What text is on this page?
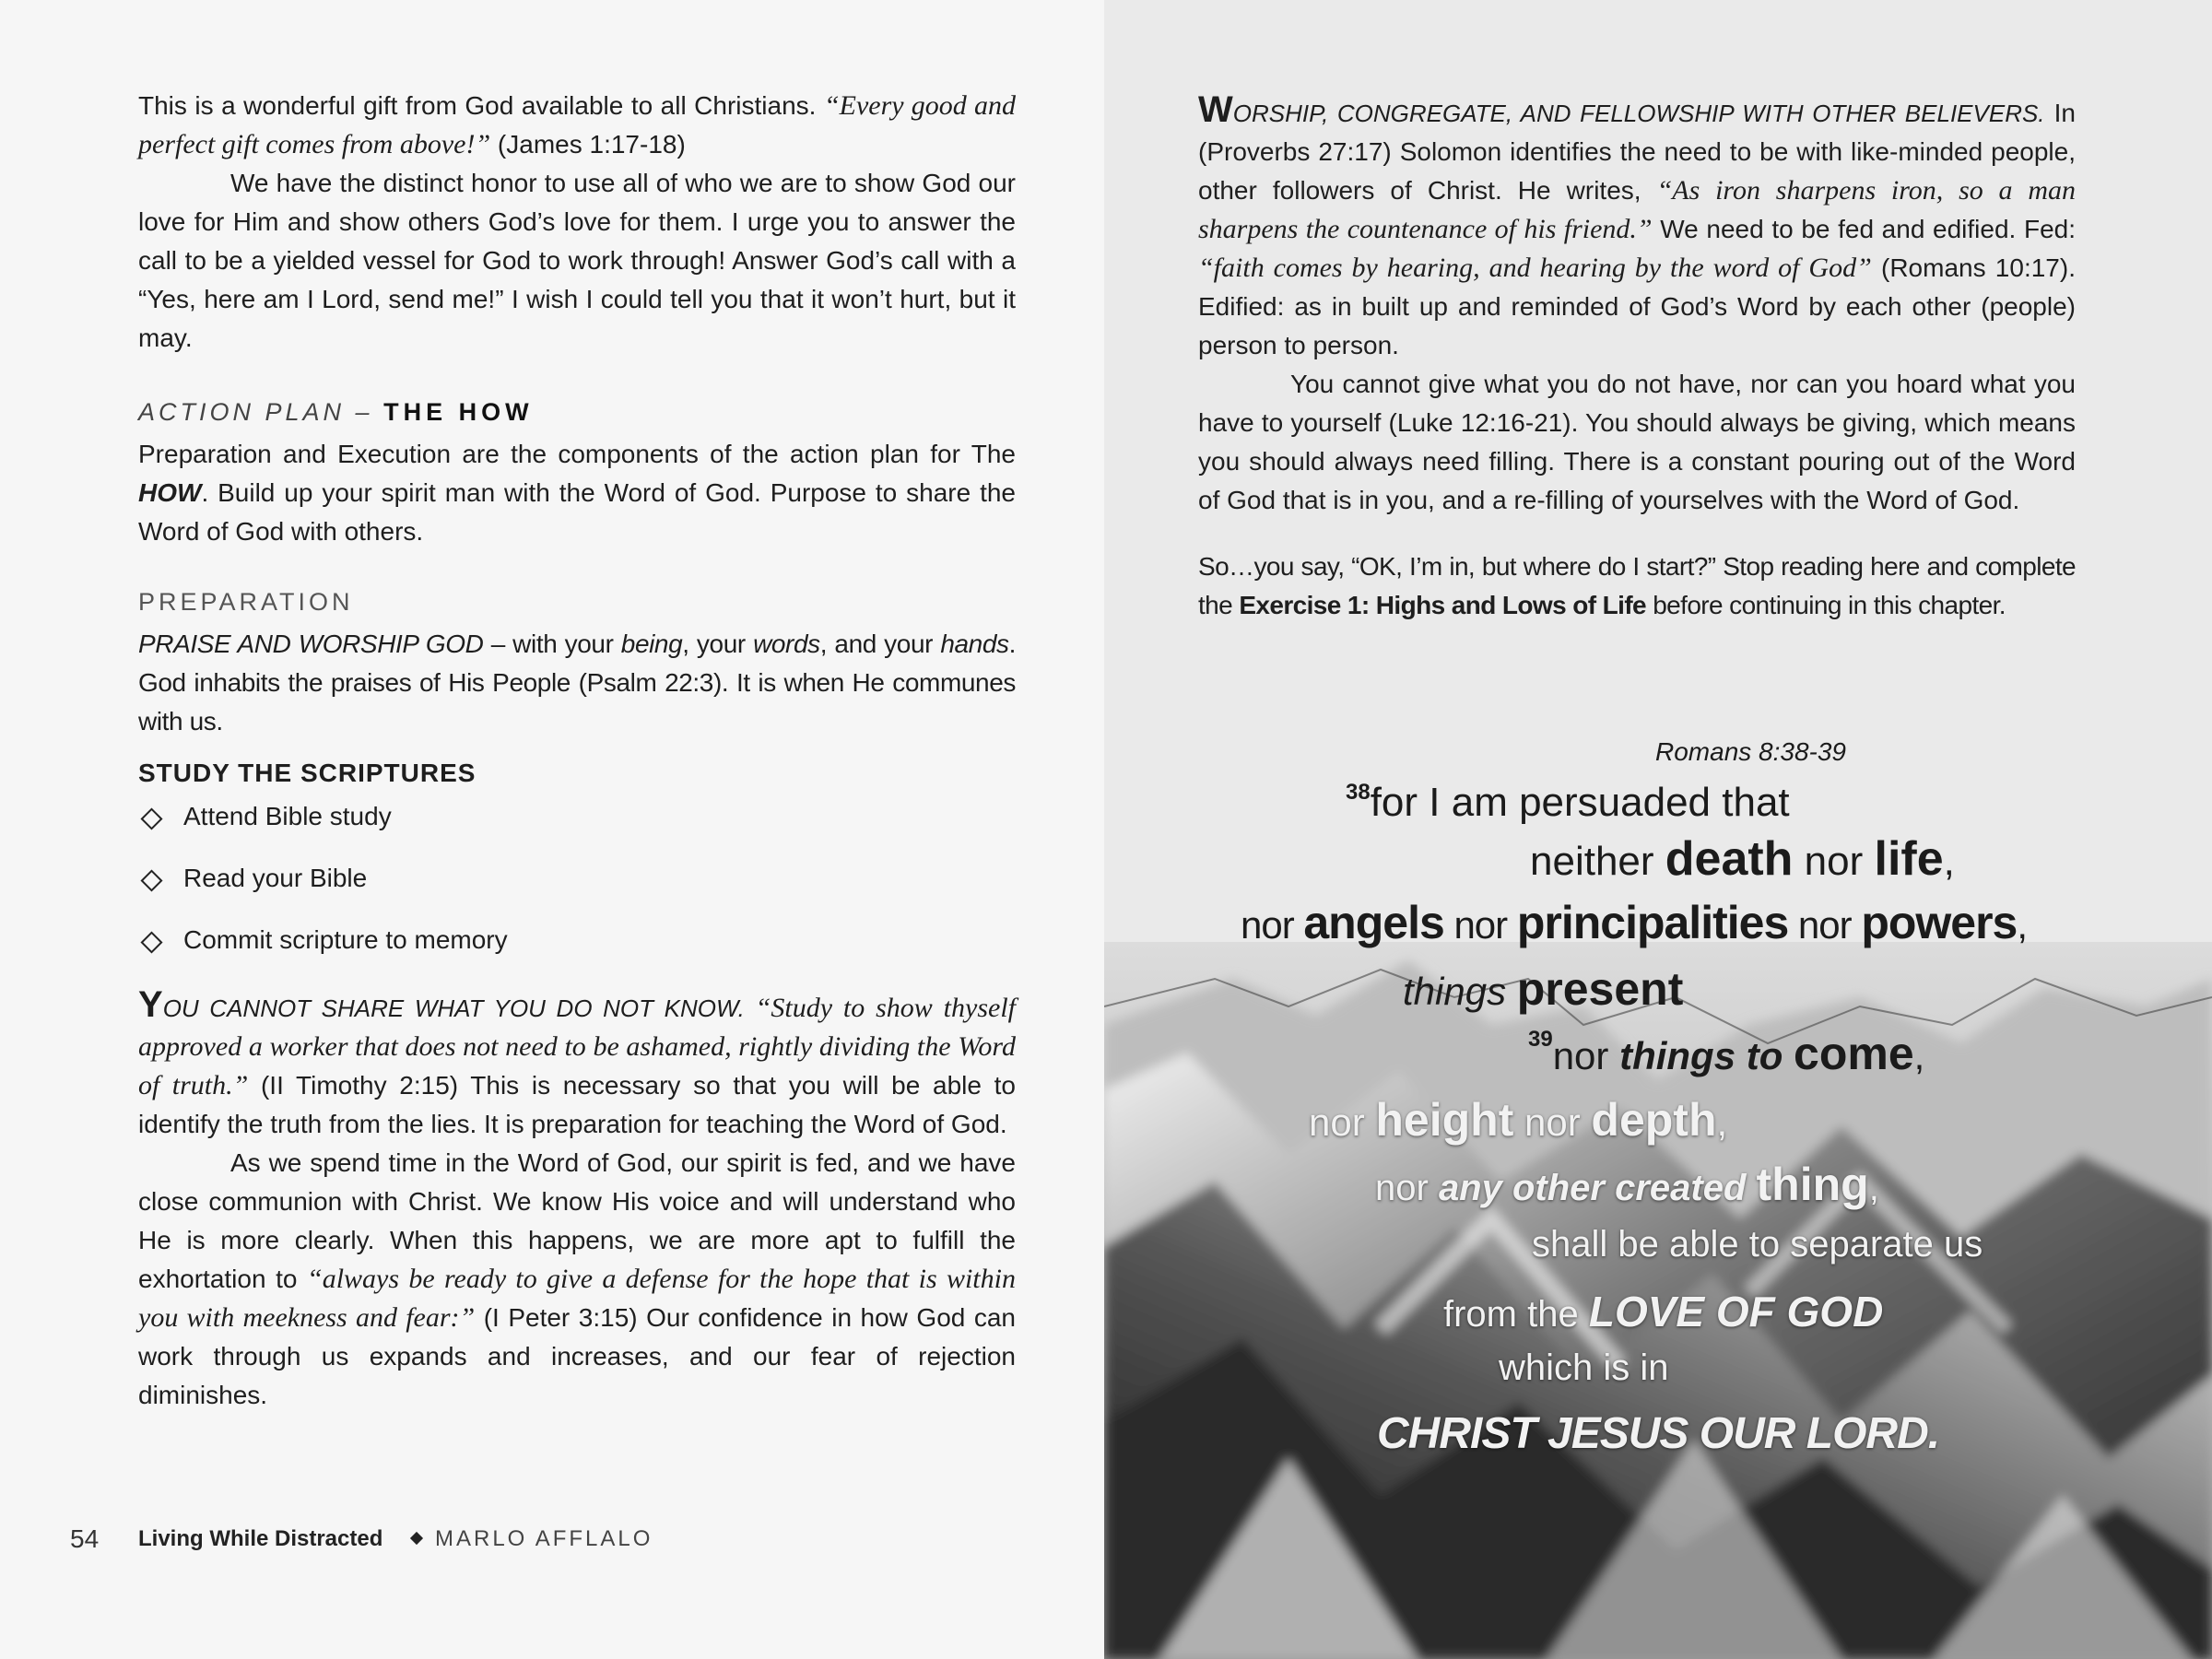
This is a wonderful gift from God available to all Christians. “Every good and perfect gift comes from above!” (James 1:17-18)

We have the distinct honor to use all of who we are to show God our love for Him and show others God’s love for them. I urge you to answer the call to be a yielded vessel for God to work through! Answer God’s call with a “Yes, here am I Lord, send me!” I wish I could tell you that it won’t hurt, but it may.

ACTION PLAN – THE HOW

Preparation and Execution are the components of the action plan for The HOW. Build up your spirit man with the Word of God. Purpose to share the Word of God with others.

PREPARATION

PRAISE AND WORSHIP GOD – with your being, your words, and your hands. God inhabits the praises of His People (Psalm 22:3). It is when He communes with us.

STUDY THE SCRIPTURES
Attend Bible study
Read your Bible
Commit scripture to memory

YOU CANNOT SHARE WHAT YOU DO NOT KNOW. “Study to show thyself approved a worker that does not need to be ashamed, rightly dividing the Word of truth.” (II Timothy 2:15) This is necessary so that you will be able to identify the truth from the lies. It is preparation for teaching the Word of God.

As we spend time in the Word of God, our spirit is fed, and we have close communion with Christ. We know His voice and will understand who He is more clearly. When this happens, we are more apt to fulfill the exhortation to “always be ready to give a defense for the hope that is within you with meekness and fear:” (I Peter 3:15) Our confidence in how God can work through us expands and increases, and our fear of rejection diminishes.

54 Living While Distracted MARLO AFFLALO

WORSHIP, CONGREGATE, AND FELLOWSHIP WITH OTHER BELIEVERS. In (Proverbs 27:17) Solomon identifies the need to be with like-minded people, other followers of Christ. He writes, “As iron sharpens iron, so a man sharpens the countenance of his friend.” We need to be fed and edified. Fed: “faith comes by hearing, and hearing by the word of God” (Romans 10:17). Edified: as in built up and reminded of God’s Word by each other (people) person to person.

You cannot give what you do not have, nor can you hoard what you have to yourself (Luke 12:16-21). You should always be giving, which means you should always need filling. There is a constant pouring out of the Word of God that is in you, and a re-filling of yourselves with the Word of God.

So…you say, “OK, I’m in, but where do I start?” Stop reading here and complete the Exercise 1: Highs and Lows of Life before continuing in this chapter.

Romans 8:38-39
$^{38}$for I am persuaded that
neither death nor life,
nor angels nor principalities nor powers,
things present
$^{39}$nor things to come,
nor height nor depth,
nor any other created thing,
shall be able to separate us
from the LOVE OF GOD
which is in
CHRIST JESUS OUR LORD.
